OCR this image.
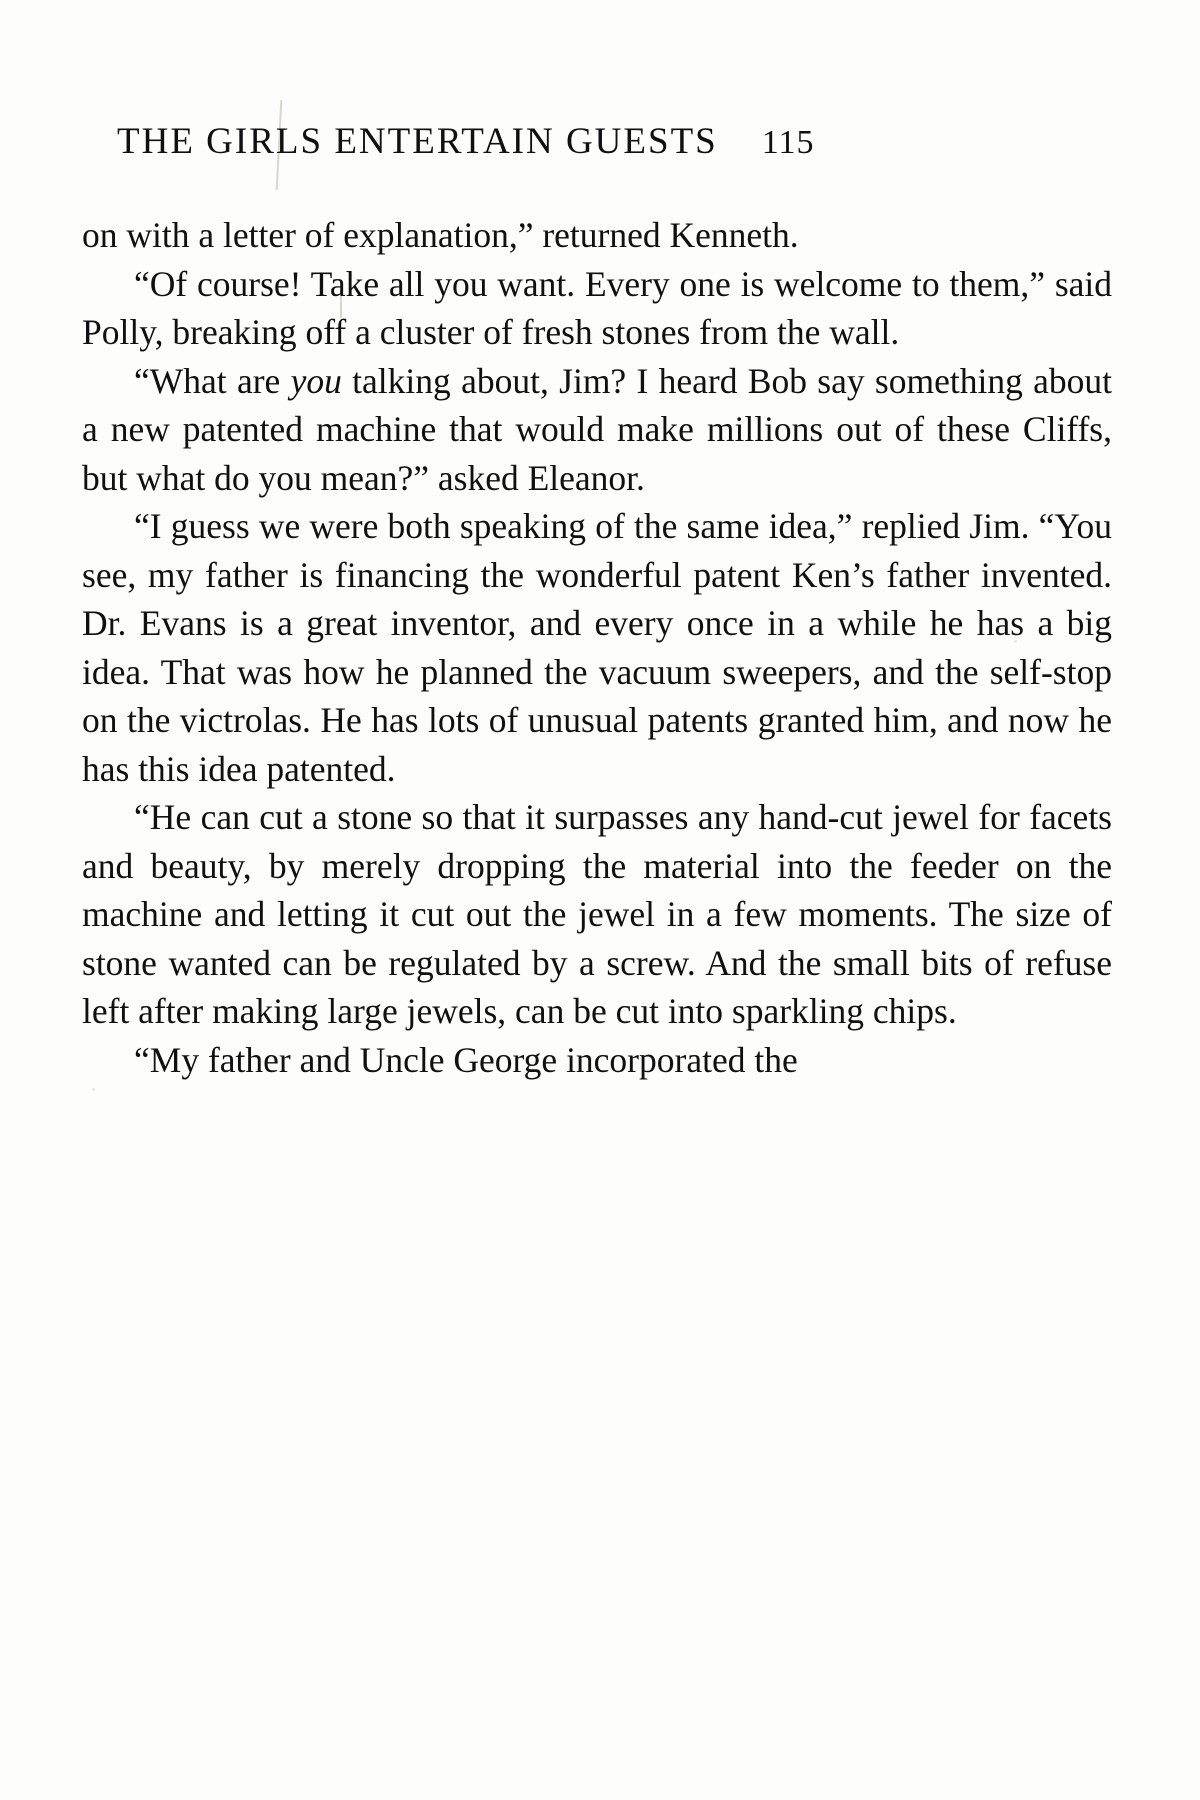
THE GIRLS ENTERTAIN GUESTS 115

on with a letter of explanation,” returned Kenneth.

“Of course! Take all you want. Every one is welcome to them,” said Polly, breaking off a cluster of fresh stones from the wall.

“What are you talking about, Jim? I heard Bob say something about a new patented machine that would make millions out of these Cliffs, but what do you mean?” asked Eleanor.

“I guess we were both speaking of the same idea,” replied Jim. “You see, my father is financing the wonderful patent Ken’s father invented. Dr. Evans is a great inventor, and every once in a while he has a big idea. That was how he planned the vacuum sweepers, and the self-stop on the victrolas. He has lots of unusual patents granted him, and now he has this idea patented.

“He can cut a stone so that it surpasses any hand-cut jewel for facets and beauty, by merely dropping the material into the feeder on the machine and letting it cut out the jewel in a few moments. The size of stone wanted can be regulated by a screw. And the small bits of refuse left after making large jewels, can be cut into sparkling chips.

“My father and Uncle George incorporated the
